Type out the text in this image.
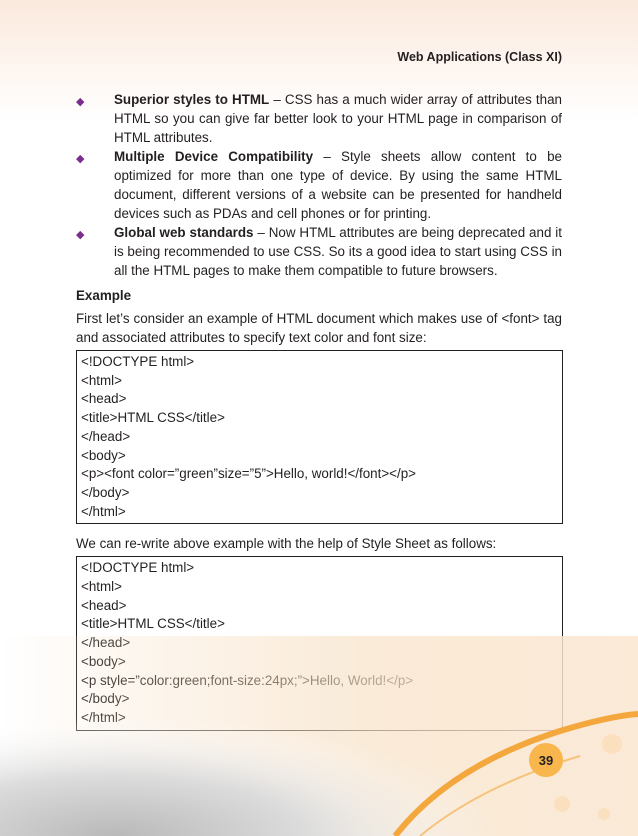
Web Applications (Class XI)
◆ Superior styles to HTML – CSS has a much wider array of attributes than HTML so you can give far better look to your HTML page in comparison of HTML attributes.
◆ Multiple Device Compatibility – Style sheets allow content to be optimized for more than one type of device. By using the same HTML document, different versions of a website can be presented for handheld devices such as PDAs and cell phones or for printing.
◆ Global web standards – Now HTML attributes are being deprecated and it is being recommended to use CSS. So its a good idea to start using CSS in all the HTML pages to make them compatible to future browsers.
Example

First let’s consider an example of HTML document which makes use of <font> tag and associated attributes to specify text color and font size:

<!DOCTYPE html>
<html>
<head>
<title>HTML CSS</title>
</head>
<body>
<p><font color=”green”size=”5”>Hello, world!</font></p>
</body>
</html>

We can re-write above example with the help of Style Sheet as follows:

<!DOCTYPE html>
<html>
<head>
<title>HTML CSS</title>
39
